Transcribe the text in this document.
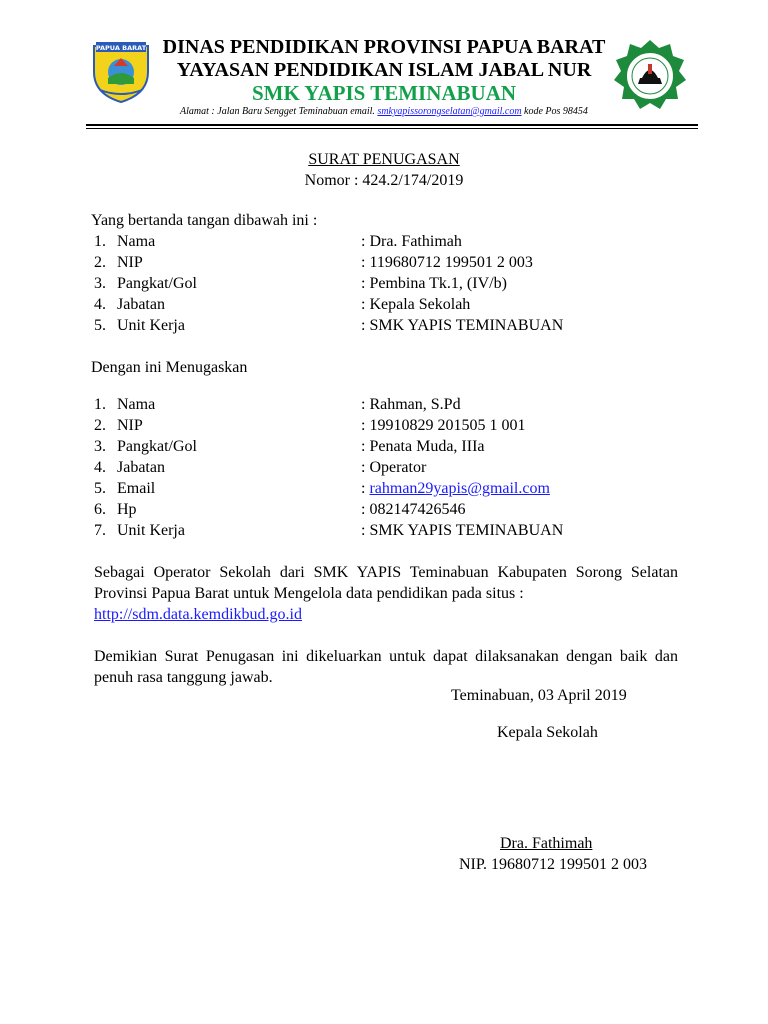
PAPUA BARAT DINAS PENDIDIKAN PROVINSI PAPUA BARAT
YAYASAN PENDIDIKAN ISLAM JABAL NUR
SMK YAPIS TEMINABUAN
Alamat : Jalan Baru Sengget Teminabuan email. smkyapissorongselatan@gmail.com kode Pos 98454
SURAT PENUGASAN
Nomor : 424.2/174/2019
Yang bertanda tangan dibawah ini :
1. Nama	: Dra. Fathimah
2. NIP	: 119680712 199501 2 003
3. Pangkat/Gol	: Pembina Tk.1, (IV/b)
4. Jabatan	: Kepala Sekolah
5. Unit Kerja	: SMK YAPIS TEMINABUAN
Dengan ini Menugaskan
1. Nama	: Rahman, S.Pd
2. NIP	: 19910829 201505 1 001
3. Pangkat/Gol	: Penata Muda, IIIa
4. Jabatan	: Operator
5. Email	: rahman29yapis@gmail.com
6. Hp	: 082147426546
7. Unit Kerja	: SMK YAPIS TEMINABUAN
Sebagai Operator Sekolah dari SMK YAPIS Teminabuan Kabupaten Sorong Selatan Provinsi Papua Barat untuk Mengelola data pendidikan pada situs :
http://sdm.data.kemdikbud.go.id
Demikian Surat Penugasan ini dikeluarkan untuk dapat dilaksanakan dengan baik dan penuh rasa tanggung jawab.
Teminabuan, 03 April 2019
Kepala Sekolah
Dra. Fathimah
NIP. 19680712 199501 2 003
